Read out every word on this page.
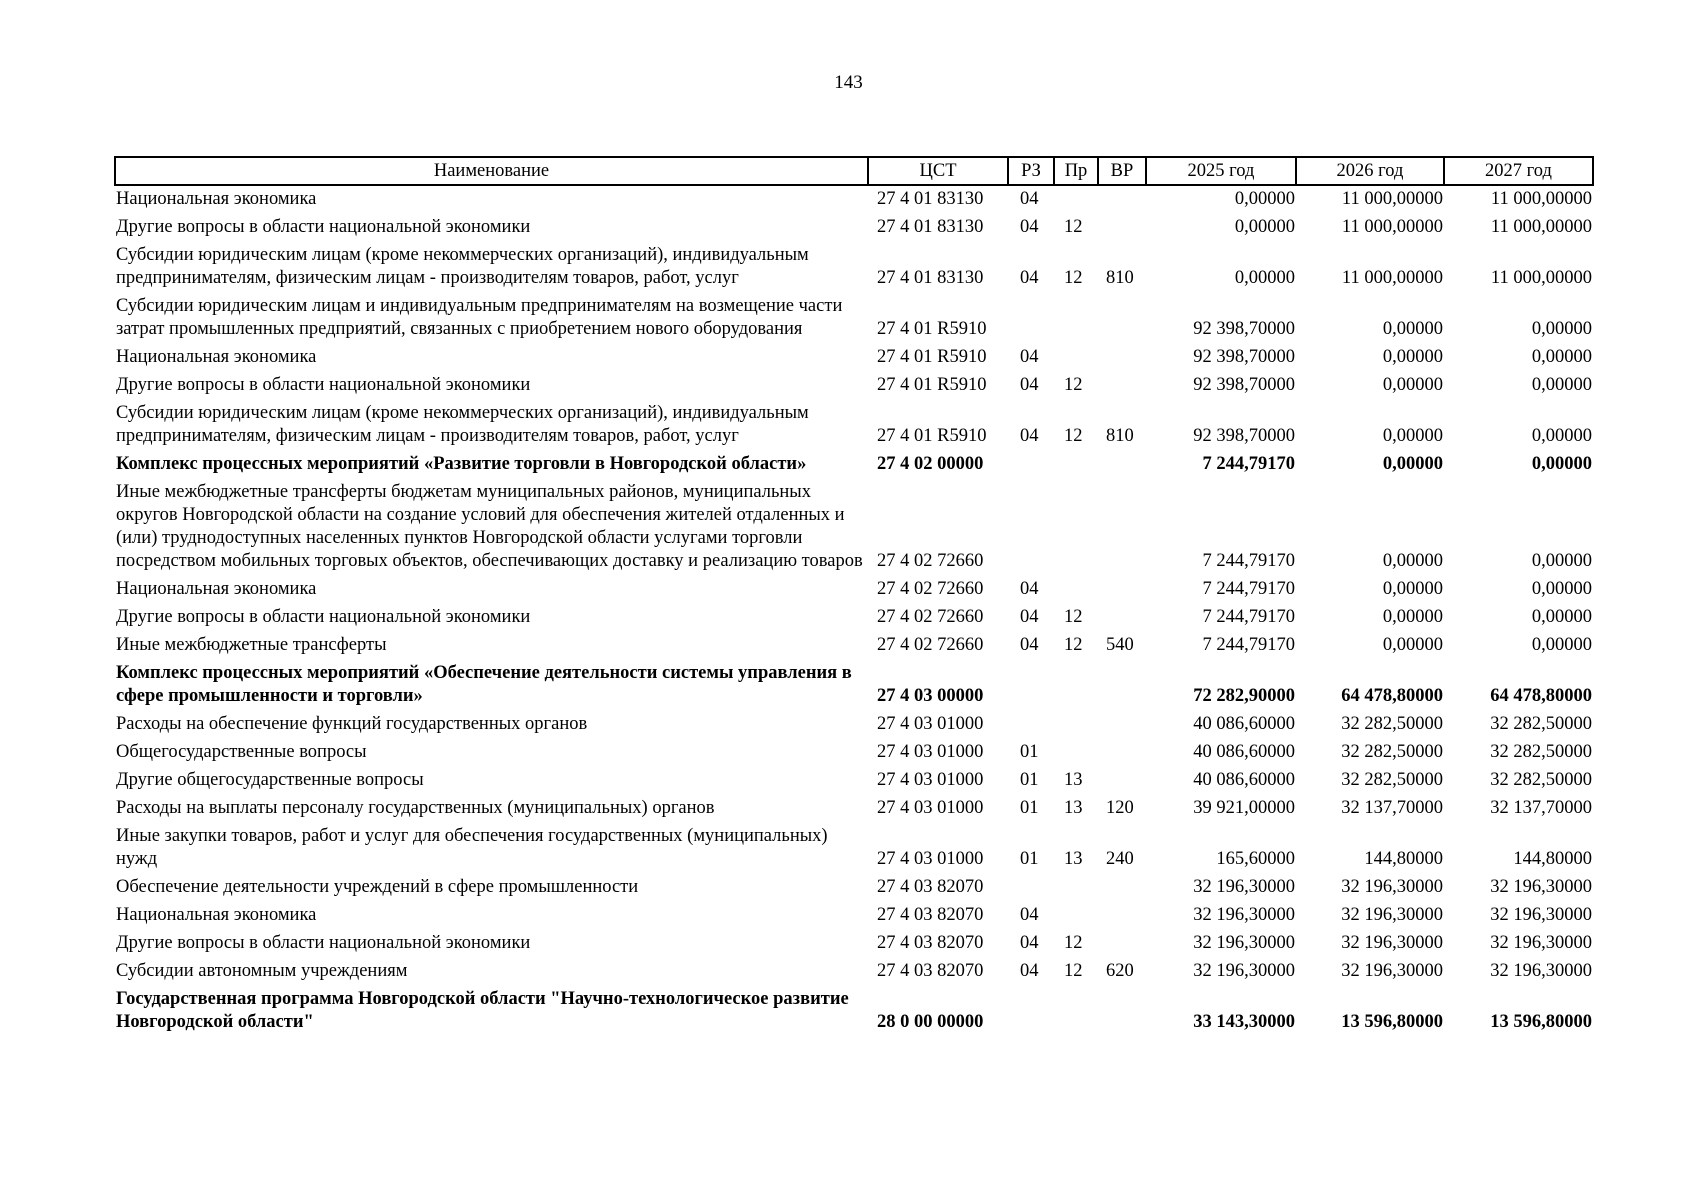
143
Наименование	ЦСТ	РЗ	Пр	ВР	2025 год	2026 год	2027 год
Национальная экономика	27 4 01 83130	04			0,00000	11 000,00000	11 000,00000
Другие вопросы в области национальной экономики	27 4 01 83130	04	12		0,00000	11 000,00000	11 000,00000
Субсидии юридическим лицам (кроме некоммерческих организаций), индивидуальным предпринимателям, физическим лицам - производителям товаров, работ, услуг	27 4 01 83130	04	12	810	0,00000	11 000,00000	11 000,00000
Субсидии юридическим лицам и индивидуальным предпринимателям на возмещение части затрат промышленных предприятий, связанных с приобретением нового оборудования	27 4 01 R5910				92 398,70000	0,00000	0,00000
Национальная экономика	27 4 01 R5910	04			92 398,70000	0,00000	0,00000
Другие вопросы в области национальной экономики	27 4 01 R5910	04	12		92 398,70000	0,00000	0,00000
Субсидии юридическим лицам (кроме некоммерческих организаций), индивидуальным предпринимателям, физическим лицам - производителям товаров, работ, услуг	27 4 01 R5910	04	12	810	92 398,70000	0,00000	0,00000
Комплекс процессных мероприятий «Развитие торговли в Новгородской области»	27 4 02 00000				7 244,79170	0,00000	0,00000
Иные межбюджетные трансферты бюджетам муниципальных районов, муниципальных округов Новгородской области на создание условий для обеспечения жителей отдаленных и (или) труднодоступных населенных пунктов Новгородской области услугами торговли посредством мобильных торговых объектов, обеспечивающих доставку и реализацию товаров	27 4 02 72660				7 244,79170	0,00000	0,00000
Национальная экономика	27 4 02 72660	04			7 244,79170	0,00000	0,00000
Другие вопросы в области национальной экономики	27 4 02 72660	04	12		7 244,79170	0,00000	0,00000
Иные межбюджетные трансферты	27 4 02 72660	04	12	540	7 244,79170	0,00000	0,00000
Комплекс процессных мероприятий «Обеспечение деятельности системы управления в сфере промышленности и торговли»	27 4 03 00000				72 282,90000	64 478,80000	64 478,80000
Расходы на обеспечение функций государственных органов	27 4 03 01000				40 086,60000	32 282,50000	32 282,50000
Общегосударственные вопросы	27 4 03 01000	01			40 086,60000	32 282,50000	32 282,50000
Другие общегосударственные вопросы	27 4 03 01000	01	13		40 086,60000	32 282,50000	32 282,50000
Расходы на выплаты персоналу государственных (муниципальных) органов	27 4 03 01000	01	13	120	39 921,00000	32 137,70000	32 137,70000
Иные закупки товаров, работ и услуг для обеспечения государственных (муниципальных) нужд	27 4 03 01000	01	13	240	165,60000	144,80000	144,80000
Обеспечение деятельности учреждений в сфере промышленности	27 4 03 82070				32 196,30000	32 196,30000	32 196,30000
Национальная экономика	27 4 03 82070	04			32 196,30000	32 196,30000	32 196,30000
Другие вопросы в области национальной экономики	27 4 03 82070	04	12		32 196,30000	32 196,30000	32 196,30000
Субсидии автономным учреждениям	27 4 03 82070	04	12	620	32 196,30000	32 196,30000	32 196,30000
Государственная программа Новгородской области "Научно-технологическое развитие Новгородской области"	28 0 00 00000				33 143,30000	13 596,80000	13 596,80000
